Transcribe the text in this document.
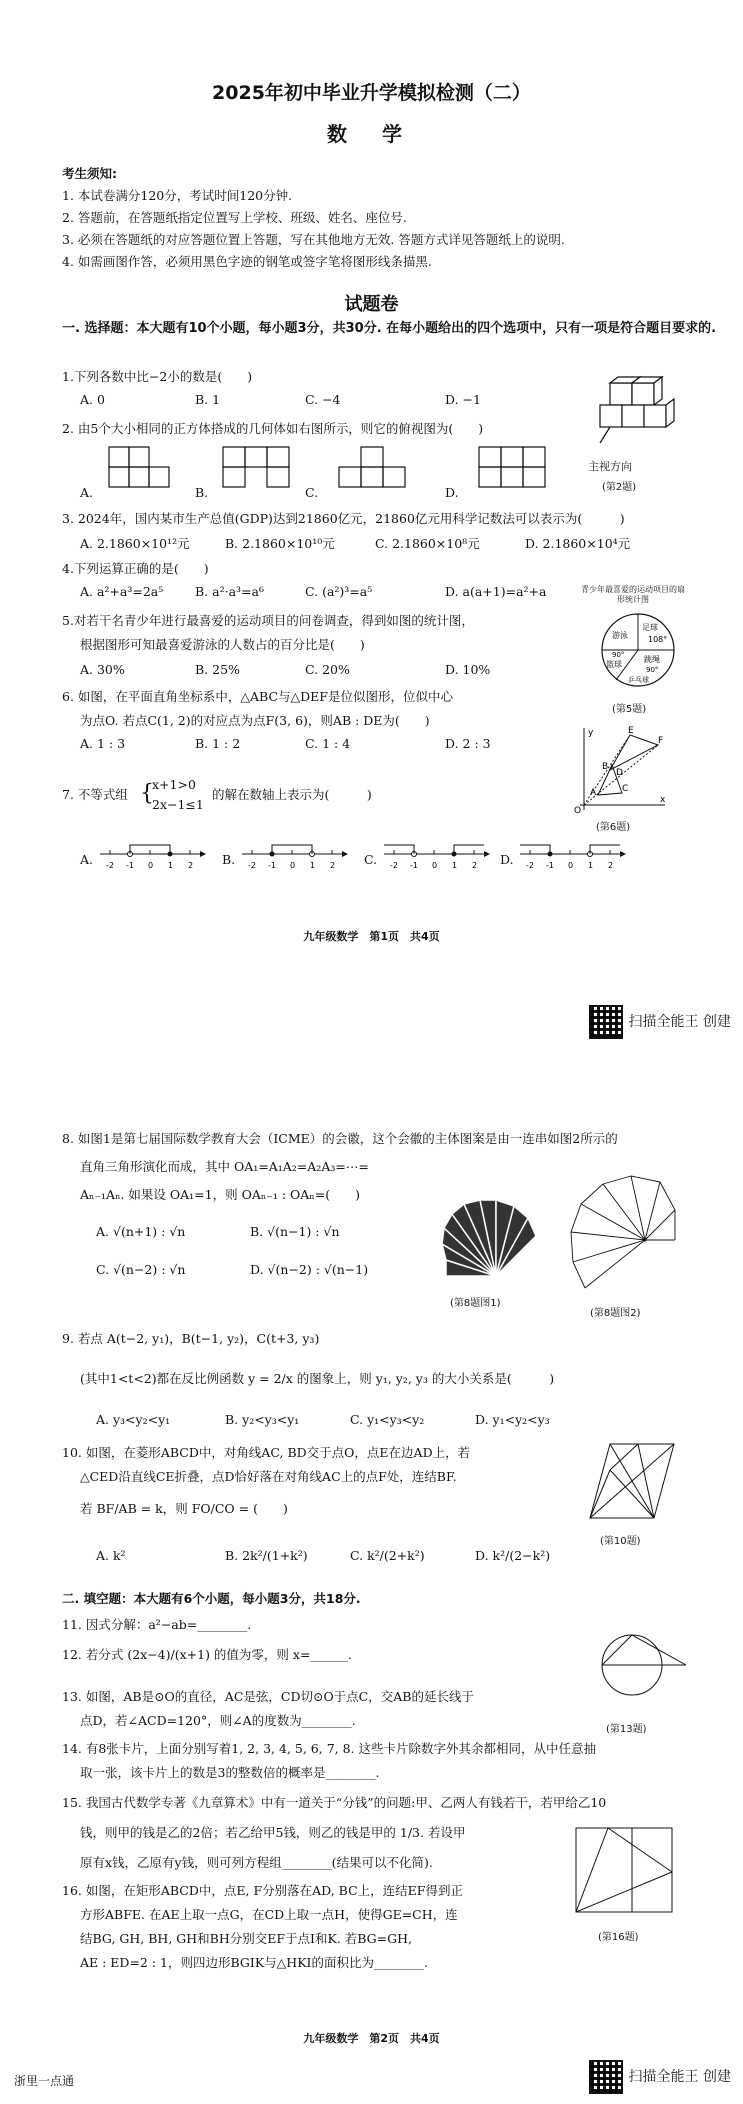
2025年初中毕业升学模拟检测（二）
数 学
考生须知:
1. 本试卷满分120分，考试时间120分钟.
2. 答题前，在答题纸指定位置写上学校、班级、姓名、座位号.
3. 必须在答题纸的对应答题位置上答题，写在其他地方无效. 答题方式详见答题纸上的说明.
4. 如需画图作答，必须用黑色字迹的钢笔或签字笔将图形线条描黑.
试题卷
一. 选择题：本大题有10个小题，每小题3分，共30分. 在每小题给出的四个选项中，只有一项是符合题目要求的.
1.下列各数中比−2小的数是(　　)
A. 0	B. 1	C. −4	D. −1
主视方向
(第2题)
2. 由5个大小相同的正方体搭成的几何体如右图所示，则它的俯视图为(　　)
A.	B.	C.	D.
3. 2024年，国内某市生产总值(GDP)达到21860亿元，21860亿元用科学记数法可以表示为(　　　)
A. 2.1860×10¹²元	B. 2.1860×10¹⁰元	C. 2.1860×10⁸元	D. 2.1860×10⁴元
4.下列运算正确的是(　　)
A. a²+a³=2a⁵	B. a²·a³=a⁶	C. (a²)³=a⁵	D. a(a+1)=a²+a	青少年最喜爱的运动项目的扇形统计图
游泳
足球
108°
90°
篮球
跳绳
90°
乒乓球
(第5题)
5.对若干名青少年进行最喜爱的运动项目的问卷调查，得到如图的统计图，
根据图形可知最喜爱游泳的人数占的百分比是(　　)
A. 30%	B. 25%	C. 20%	D. 10%
6. 如图，在平面直角坐标系中，△ABC与△DEF是位似图形，位似中心
为点O. 若点C(1, 2)的对应点为点F(3, 6)，则AB : DE为(　　)
A. 1 : 3	B. 1 : 2	C. 1 : 4	D. 2 : 3
y	E
F
B
C
A
D
O
x
(第6题)
7. 不等式组 {
x+1>0
2x−1≤1
的解在数轴上表示为(　　　)
A. -2 -1 0 1 2 B. -2 -1 0 1 2 C. -2 -1 0 1 2 D. -2 -1 0 1 2
九年级数学　第1页　共4页
扫描全能王 创建
8. 如图1是第七届国际数学教育大会（ICME）的会徽，这个会徽的主体图案是由一连串如图2所示的
直角三角形演化而成，其中 OA₁=A₁A₂=A₂A₃=⋯=
Aₙ₋₁Aₙ. 如果设 OA₁=1，则 OAₙ₋₁ : OAₙ=(　　)
A. √(n+1) : √n	B. √(n−1) : √n
C. √(n−2) : √n	D. √(n−2) : √(n−1)
(第8题图1)
(第8题图2)
9. 若点 A(t−2, y₁)，B(t−1, y₂)，C(t+3, y₃)
(其中1<t<2)都在反比例函数 y = 2/x 的图象上，则 y₁, y₂, y₃ 的大小关系是(　　　)
A. y₃<y₂<y₁	B. y₂<y₃<y₁	C. y₁<y₃<y₂	D. y₁<y₂<y₃
10. 如图，在菱形ABCD中，对角线AC, BD交于点O，点E在边AD上，若
△CED沿直线CE折叠，点D恰好落在对角线AC上的点F处，连结BF.
若 BF/AB = k，则 FO/CO = (　　)
A. k²	B. 2k²/(1+k²)	C. k²/(2+k²)	D. k²/(2−k²)
(第10题)
二. 填空题：本大题有6个小题，每小题3分，共18分.
11. 因式分解：a²−ab=________.
12. 若分式 (2x−4)/(x+1) 的值为零，则 x=______.
13. 如图，AB是⊙O的直径，AC是弦，CD切⊙O于点C，交AB的延长线于
点D，若∠ACD=120°，则∠A的度数为________.
(第13题)
14. 有8张卡片，上面分别写着1, 2, 3, 4, 5, 6, 7, 8. 这些卡片除数字外其余都相同，从中任意抽
取一张，该卡片上的数是3的整数倍的概率是________.
15. 我国古代数学专著《九章算术》中有一道关于“分钱”的问题:甲、乙两人有钱若干，若甲给乙10
钱，则甲的钱是乙的2倍；若乙给甲5钱，则乙的钱是甲的 1/3. 若设甲
原有x钱，乙原有y钱，则可列方程组________(结果可以不化简).
16. 如图，在矩形ABCD中，点E, F分别落在AD, BC上，连结EF得到正
方形ABFE. 在AE上取一点G，在CD上取一点H，使得GE=CH，连
结BG, GH, BH, GH和BH分别交EF于点I和K. 若BG=GH,
AE : ED=2 : 1，则四边形BGIK与△HKI的面积比为________.
(第16题)
九年级数学　第2页　共4页
浙里一点通	扫描全能王 创建
